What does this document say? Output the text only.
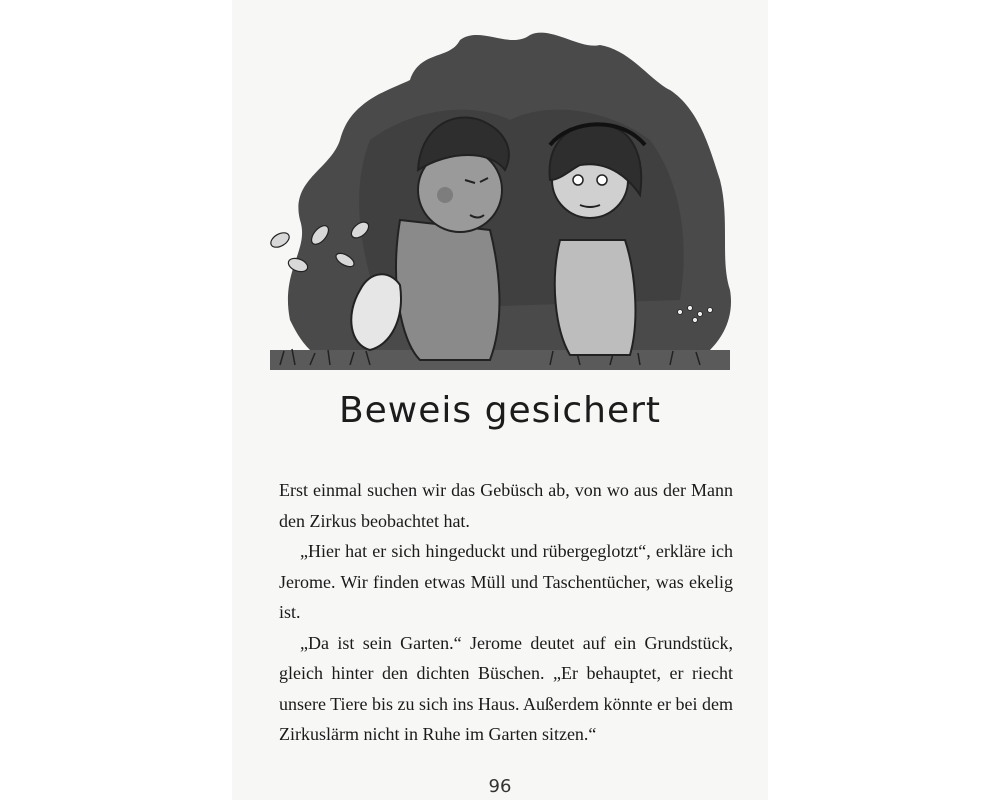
Beweis gesichert

Erst einmal suchen wir das Gebüsch ab, von wo aus der Mann den Zirkus beobachtet hat.

„Hier hat er sich hingeduckt und rübergeglotzt“, erkläre ich Jerome. Wir finden etwas Müll und Taschentücher, was ekelig ist.

„Da ist sein Garten.“ Jerome deutet auf ein Grundstück, gleich hinter den dichten Büschen. „Er behauptet, er riecht unsere Tiere bis zu sich ins Haus. Außerdem könnte er bei dem Zirkuslärm nicht in Ruhe im Garten sitzen.“

96
